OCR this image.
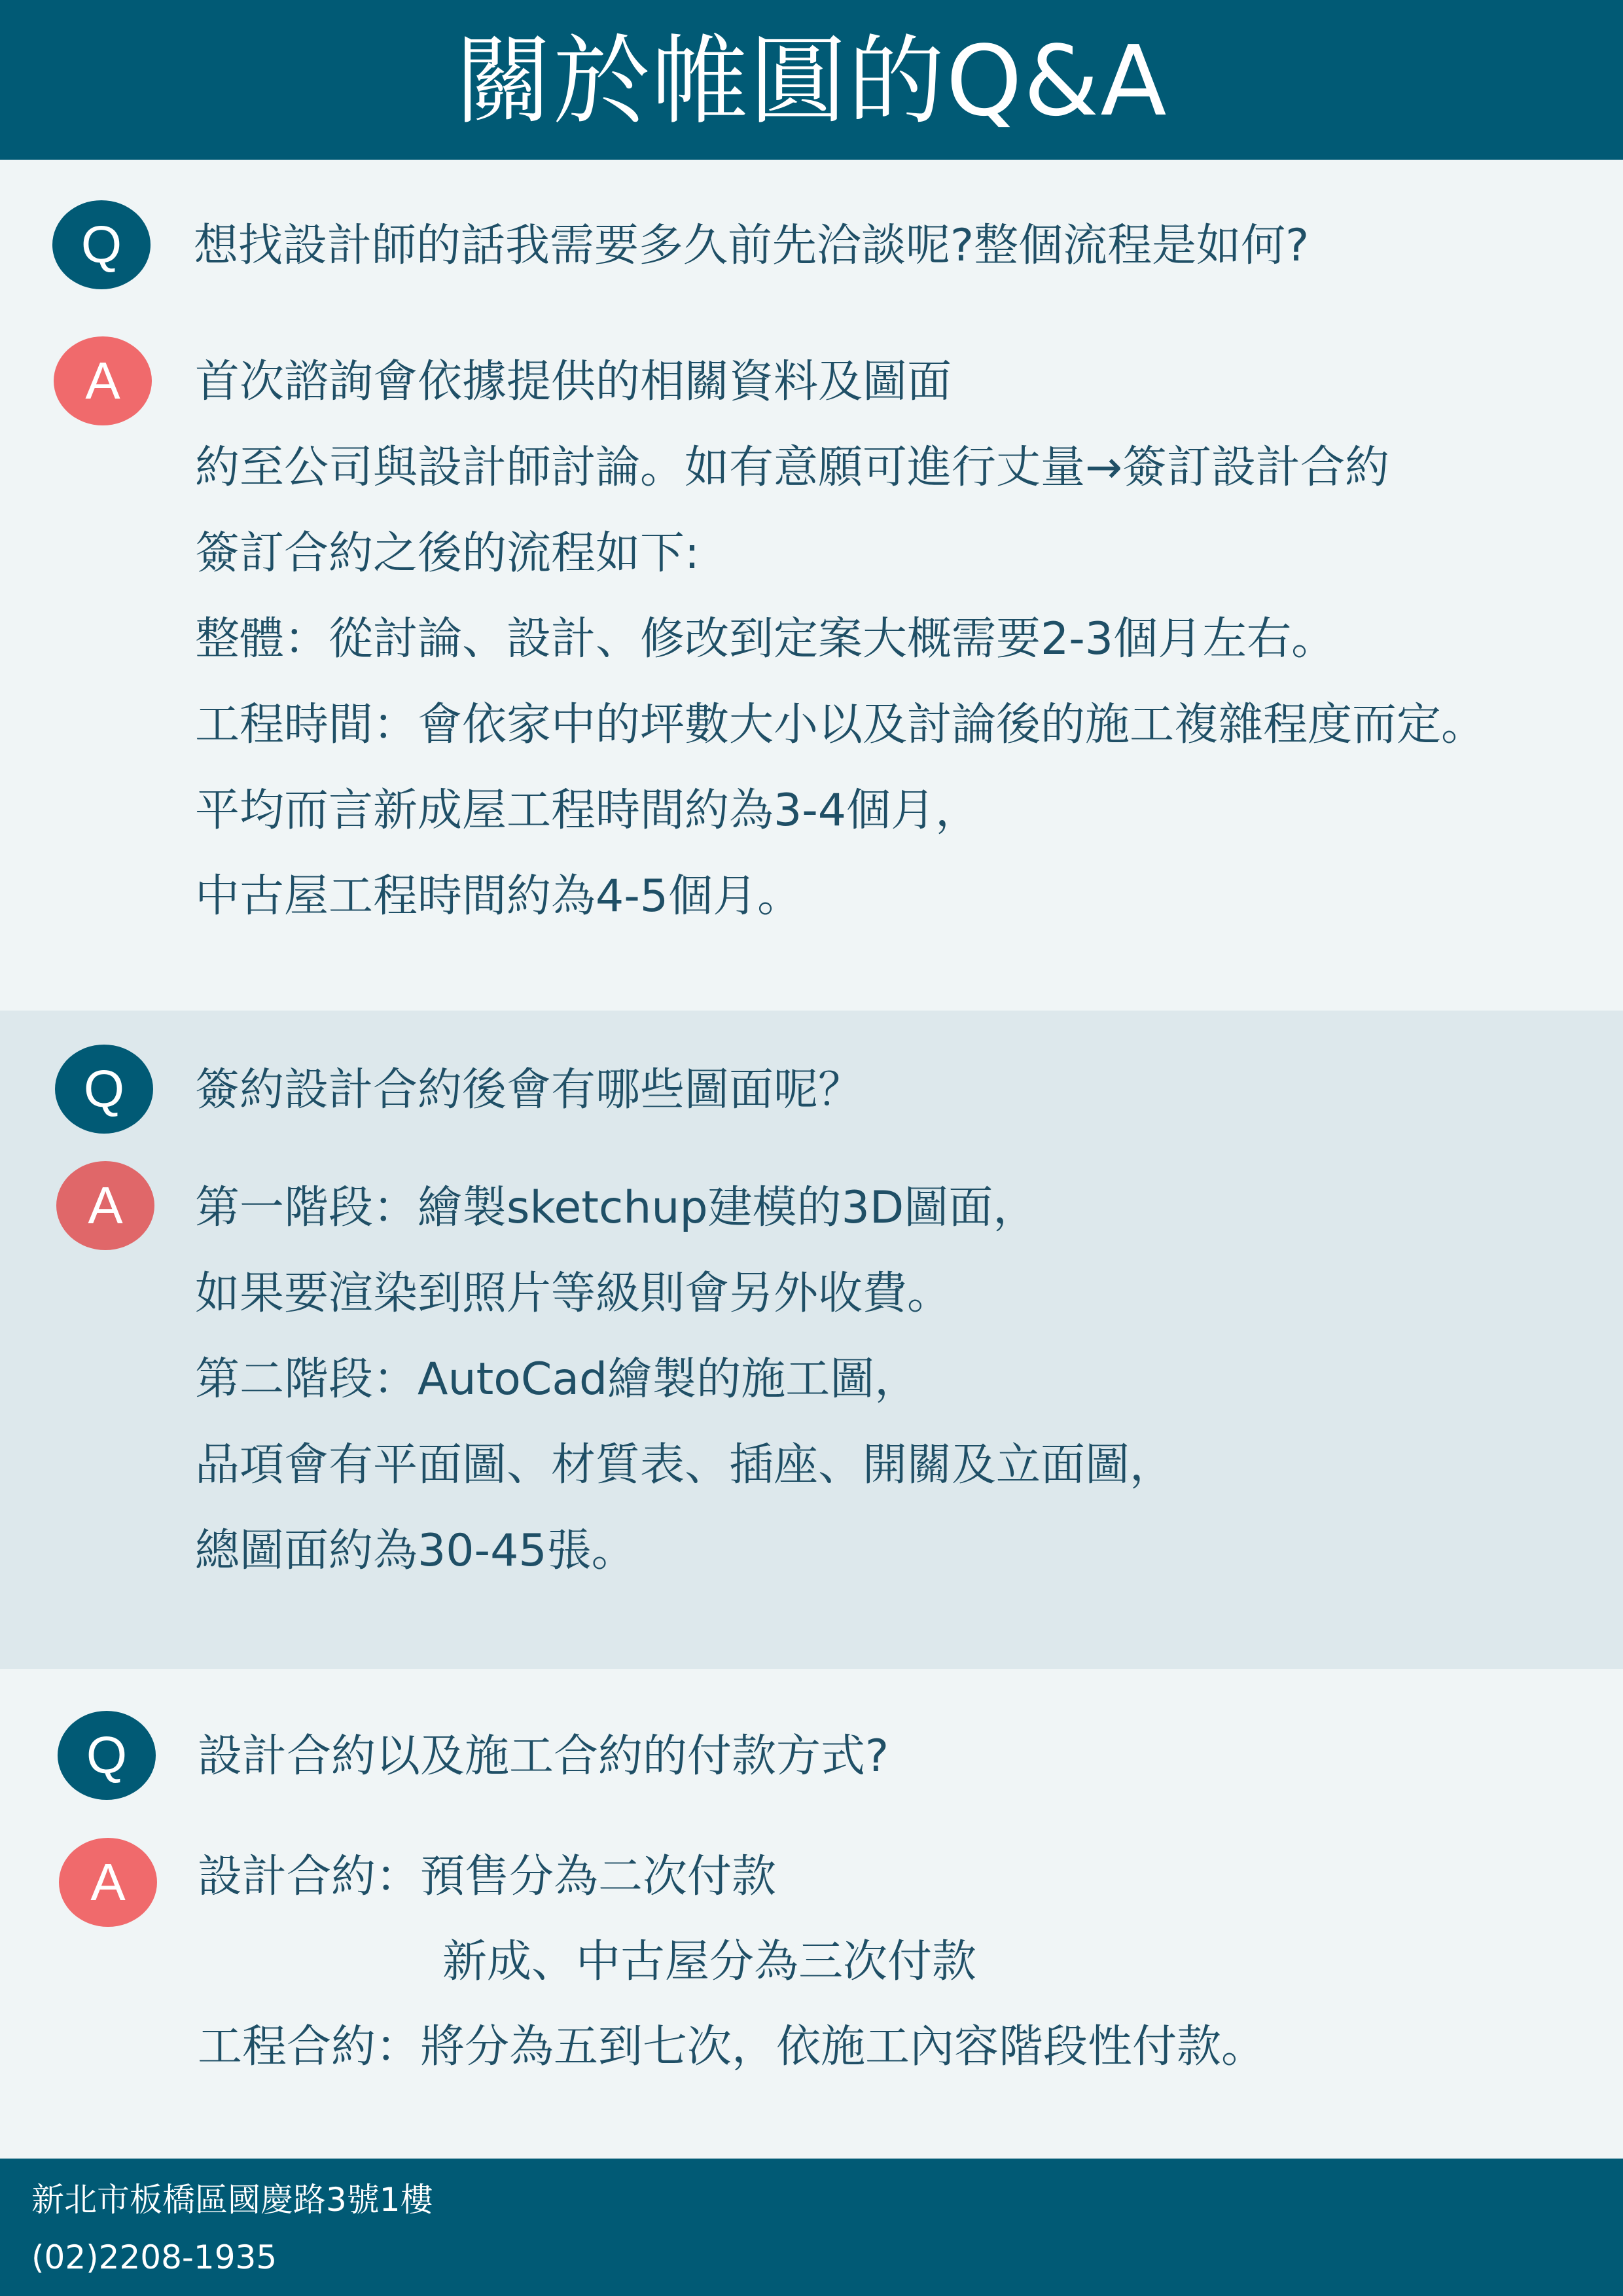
關於帷圓的Q&A
Q	想找設計師的話我需要多久前先洽談呢?整個流程是如何?
A	首次諮詢會依據提供的相關資料及圖面
約至公司與設計師討論。如有意願可進行丈量→簽訂設計合約
簽訂合約之後的流程如下:
整體：從討論、設計、修改到定案大概需要2-3個月左右。
工程時間：會依家中的坪數大小以及討論後的施工複雜程度而定。
平均而言新成屋工程時間約為3-4個月，
中古屋工程時間約為4-5個月。
Q	簽約設計合約後會有哪些圖面呢？
A	第一階段：繪製sketchup建模的3D圖面，
如果要渲染到照片等級則會另外收費。
第二階段：AutoCad繪製的施工圖，
品項會有平面圖、材質表、插座、開關及立面圖，
總圖面約為30-45張。
Q	設計合約以及施工合約的付款方式?
A	設計合約：預售分為二次付款
新成、中古屋分為三次付款
工程合約：將分為五到七次，依施工內容階段性付款。
新北市板橋區國慶路3號1樓
(02)2208-1935
